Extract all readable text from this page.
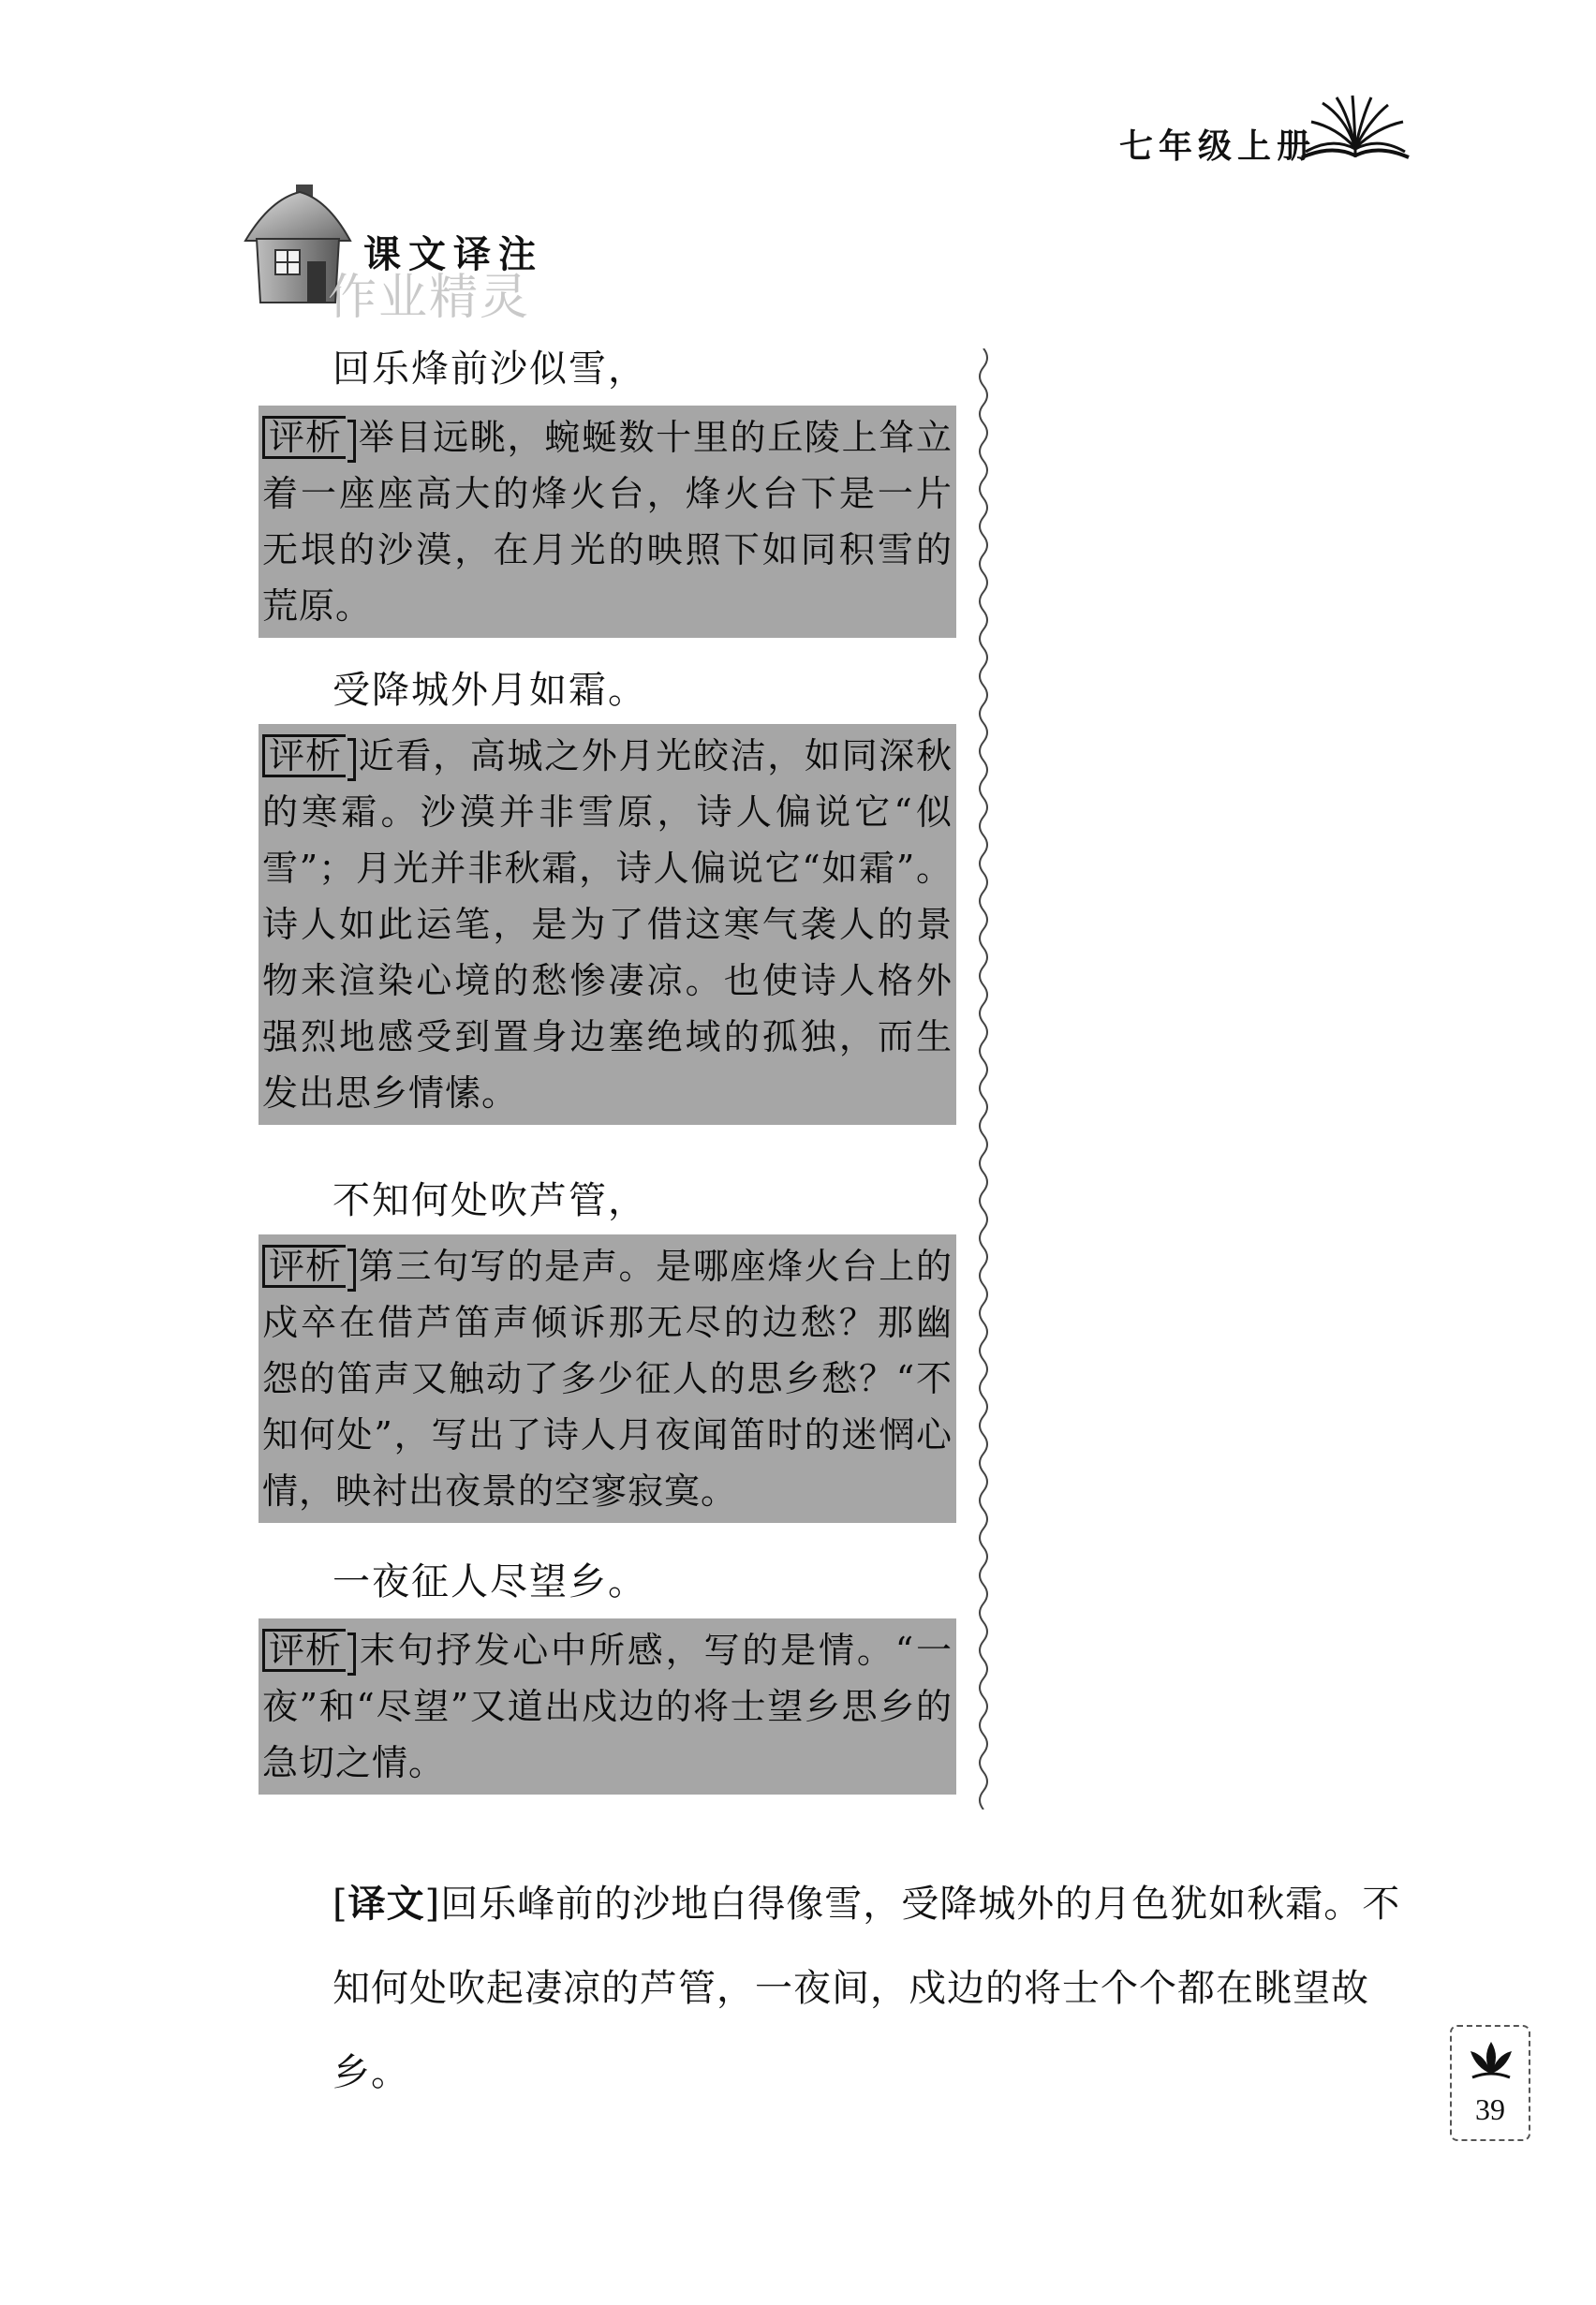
七年级上册
课文译注
作业精灵
回乐烽前沙似雪，
评析 举目远眺，蜿蜒数十里的丘陵上耸立着一座座高大的烽火台，烽火台下是一片无垠的沙漠，在月光的映照下如同积雪的荒原。
受降城外月如霜。
评析 近看，高城之外月光皎洁，如同深秋的寒霜。沙漠并非雪原，诗人偏说它“似雪”；月光并非秋霜，诗人偏说它“如霜”。诗人如此运笔，是为了借这寒气袭人的景物来渲染心境的愁惨凄凉。也使诗人格外强烈地感受到置身边塞绝域的孤独，而生发出思乡情愫。
不知何处吹芦管，
评析 第三句写的是声。是哪座烽火台上的戍卒在借芦笛声倾诉那无尽的边愁？那幽怨的笛声又触动了多少征人的思乡愁？“不知何处”，写出了诗人月夜闻笛时的迷惘心情，映衬出夜景的空寥寂寞。
一夜征人尽望乡。
评析 末句抒发心中所感，写的是情。“一夜”和“尽望”又道出戍边的将士望乡思乡的急切之情。
[译文]回乐峰前的沙地白得像雪，受降城外的月色犹如秋霜。不知何处吹起凄凉的芦管，一夜间，戍边的将士个个都在眺望故乡。
39
